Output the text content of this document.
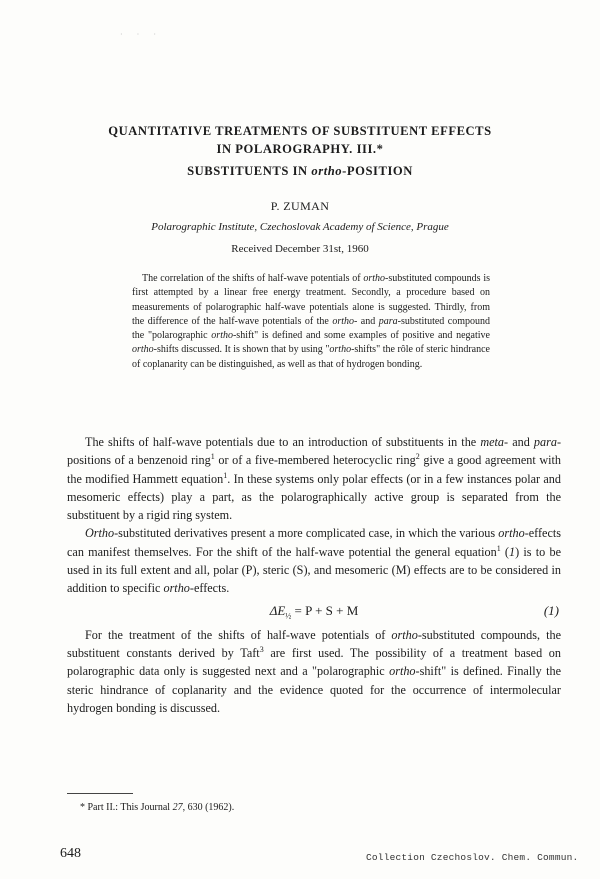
· · ·
QUANTITATIVE TREATMENTS OF SUBSTITUENT EFFECTS
IN POLAROGRAPHY. III.*
SUBSTITUENTS IN ortho-POSITION
P. ZUMAN
Polarographic Institute, Czechoslovak Academy of Science, Prague
Received December 31st, 1960
The correlation of the shifts of half-wave potentials of ortho-substituted compounds is first attempted by a linear free energy treatment. Secondly, a procedure based on measurements of polarographic half-wave potentials alone is suggested. Thirdly, from the difference of the half-wave potentials of the ortho- and para-substituted compound the "polarographic ortho-shift" is defined and some examples of positive and negative ortho-shifts discussed. It is shown that by using "ortho-shifts" the rôle of steric hindrance of coplanarity can be distinguished, as well as that of hydrogen bonding.

The shifts of half-wave potentials due to an introduction of substituents in the meta- and para-positions of a benzenoid ring$^1$ or of a five-membered heterocyclic ring$^2$ give a good agreement with the modified Hammett equation$^1$. In these systems only polar effects (or in a few instances polar and mesomeric effects) play a part, as the polarographically active group is separated from the substituent by a rigid ring system.

Ortho-substituted derivatives present a more complicated case, in which the various ortho-effects can manifest themselves. For the shift of the half-wave potential the general equation$^1$ (1) is to be used in its full extent and all, polar (P), steric (S), and mesomeric (M) effects are to be considered in addition to specific ortho-effects.

$\Delta E_{\frac{1}{2}} = P + S + M$	(1)

For the treatment of the shifts of half-wave potentials of ortho-substituted compounds, the substituent constants derived by Taft$^3$ are first used. The possibility of a treatment based on polarographic data only is suggested next and a "polarographic ortho-shift" is defined. Finally the steric hindrance of coplanarity and the evidence quoted for the occurrence of intermolecular hydrogen bonding is discussed.

* Part II.: This Journal 27, 630 (1962).
648	Collection Czechoslov. Chem. Commun.
